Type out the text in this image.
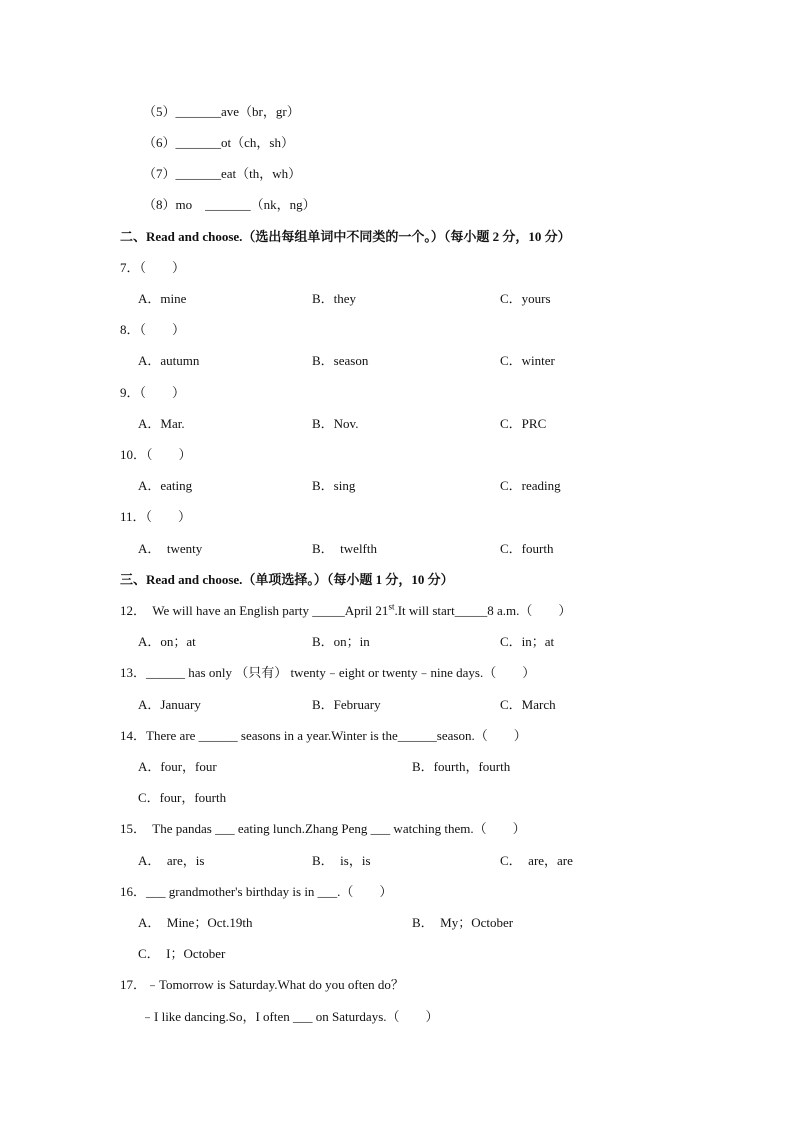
（5）_______ave（br，gr）
（6）_______ot（ch，sh）
（7）_______eat（th，wh）
（8）mo    _______（nk，ng）
二、Read and choose.（选出每组单词中不同类的一个。）（每小题 2 分，10 分）
7．（        ）
A．mine	B．they	C．yours
8．（        ）
A．autumn	B．season	C．winter
9．（        ）
A．Mar.	B．Nov.	C．PRC
10．（        ）
A．eating	B．sing	C．reading
11．（        ）
A．  twenty	B．  twelfth	C．fourth
三、Read and choose.（单项选择。）（每小题 1 分，10 分）
12．  We will have an English party _____April 21st.It will start_____8 a.m.（        ）
A．on；at	B．on；in	C．in；at
13．______ has only （只有） twenty﹣eight or twenty﹣nine days.（        ）
A．January	B．February	C．March
14．There are ______ seasons in a year.Winter is the______season.（        ）
A．four，four	B．fourth，fourth
C．four，fourth
15．  The pandas ___ eating lunch.Zhang Peng ___ watching them.（        ）
A．  are，is	B．  is，is	C．  are，are
16．___ grandmother's birthday is in ___.（        ）
A．  Mine；Oct.19th	B．  My；October
C．  I；October
17．﹣Tomorrow is Saturday.What do you often do？
﹣I like dancing.So，I often ___ on Saturdays.（        ）
